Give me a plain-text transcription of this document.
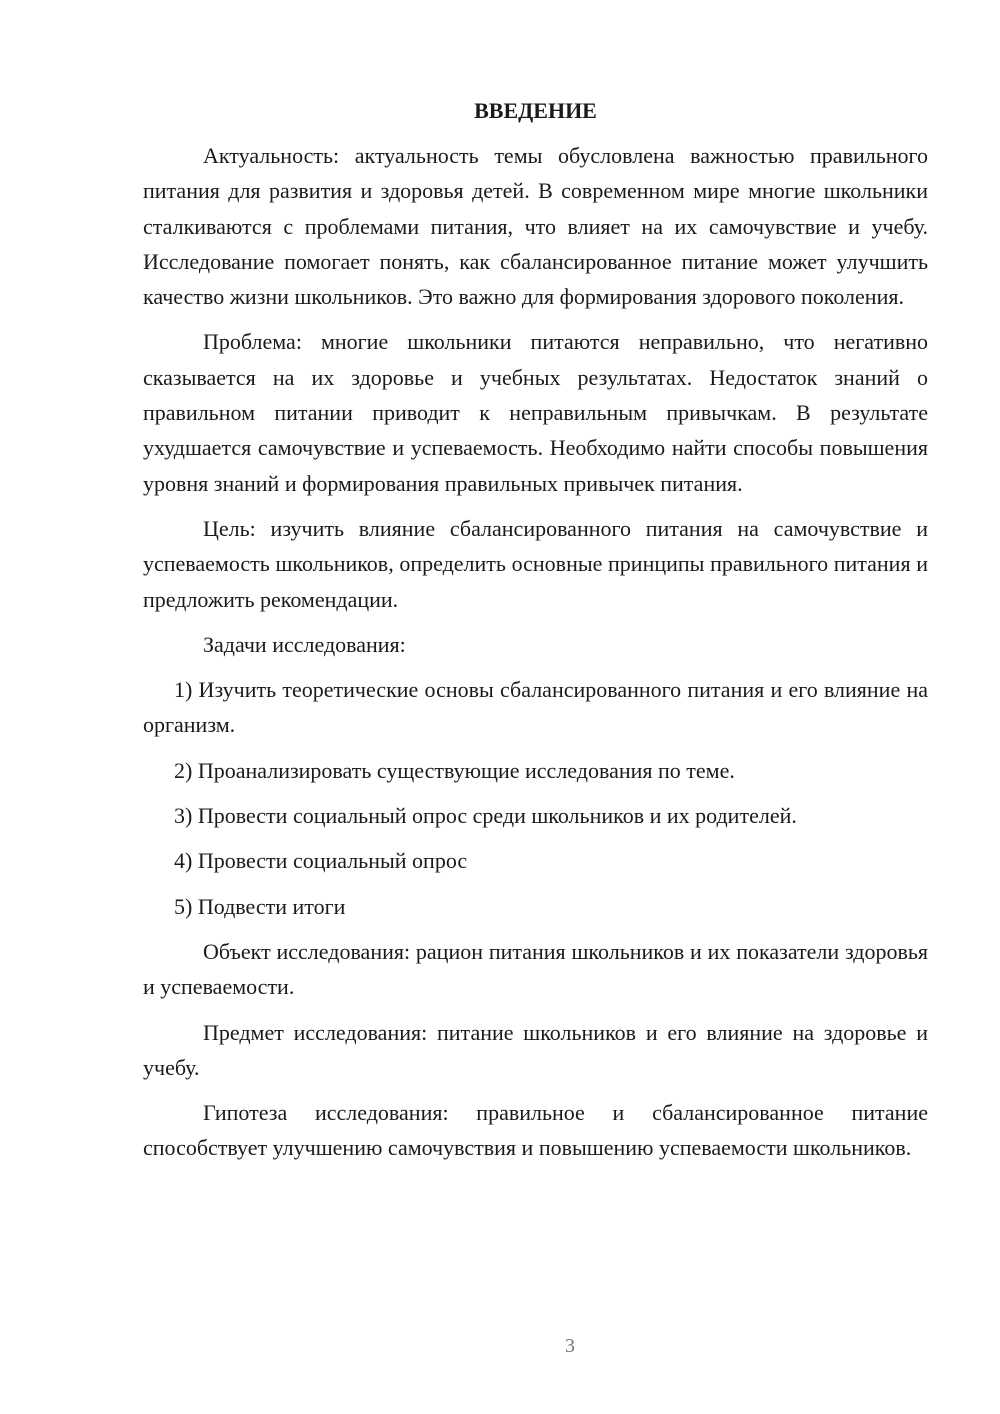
ВВЕДЕНИЕ

Актуальность: актуальность темы обусловлена важностью правильного питания для развития и здоровья детей. В современном мире многие школьники сталкиваются с проблемами питания, что влияет на их самочувствие и учебу. Исследование помогает понять, как сбалансированное питание может улучшить качество жизни школьников. Это важно для формирования здорового поколения.

Проблема: многие школьники питаются неправильно, что негативно сказывается на их здоровье и учебных результатах. Недостаток знаний о правильном питании приводит к неправильным привычкам. В результате ухудшается самочувствие и успеваемость. Необходимо найти способы повышения уровня знаний и формирования правильных привычек питания.

Цель: изучить влияние сбалансированного питания на самочувствие и успеваемость школьников, определить основные принципы правильного питания и предложить рекомендации.

Задачи исследования:

1) Изучить теоретические основы сбалансированного питания и его влияние на организм.

2) Проанализировать существующие исследования по теме.

3) Провести социальный опрос среди школьников и их родителей.

4) Провести социальный опрос

5) Подвести итоги

Объект исследования: рацион питания школьников и их показатели здоровья и успеваемости.

Предмет исследования: питание школьников и его влияние на здоровье и учебу.

Гипотеза исследования: правильное и сбалансированное питание способствует улучшению самочувствия и повышению успеваемости школьников.

3
